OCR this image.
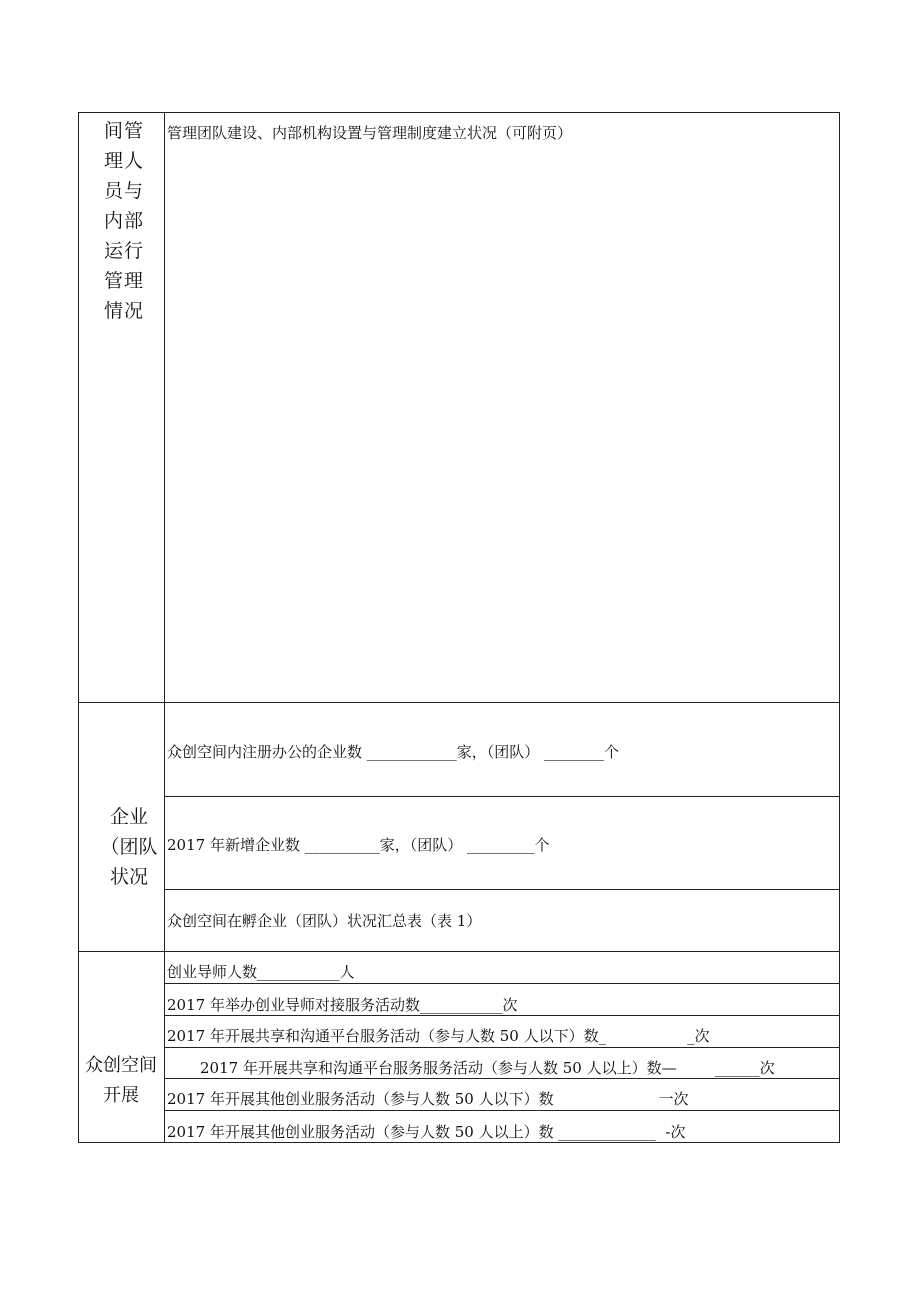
间管
理人
员与
内部
运行
管理
情况
管理团队建设、内部机构设置与管理制度建立状况（可附页）
企业
（团队
状况
众创空间内注册办公的企业数 ____________家，（团队） ________个
2017 年新增企业数 __________家，（团队） _________个
众创空间在孵企业（团队）状况汇总表（表 1）
众创空间
开展
创业导师人数___________人
2017 年举办创业导师对接服务活动数___________次
2017 年开展共享和沟通平台服务活动（参与人数 50 人以下）数_                 _次
2017 年开展共享和沟通平台服务服务活动（参与人数 50 人以上）数—        ______次
2017 年开展其他创业服务活动（参与人数 50 人以下）数                      一次
2017 年开展其他创业服务活动（参与人数 50 人以上）数 _____________  -次
